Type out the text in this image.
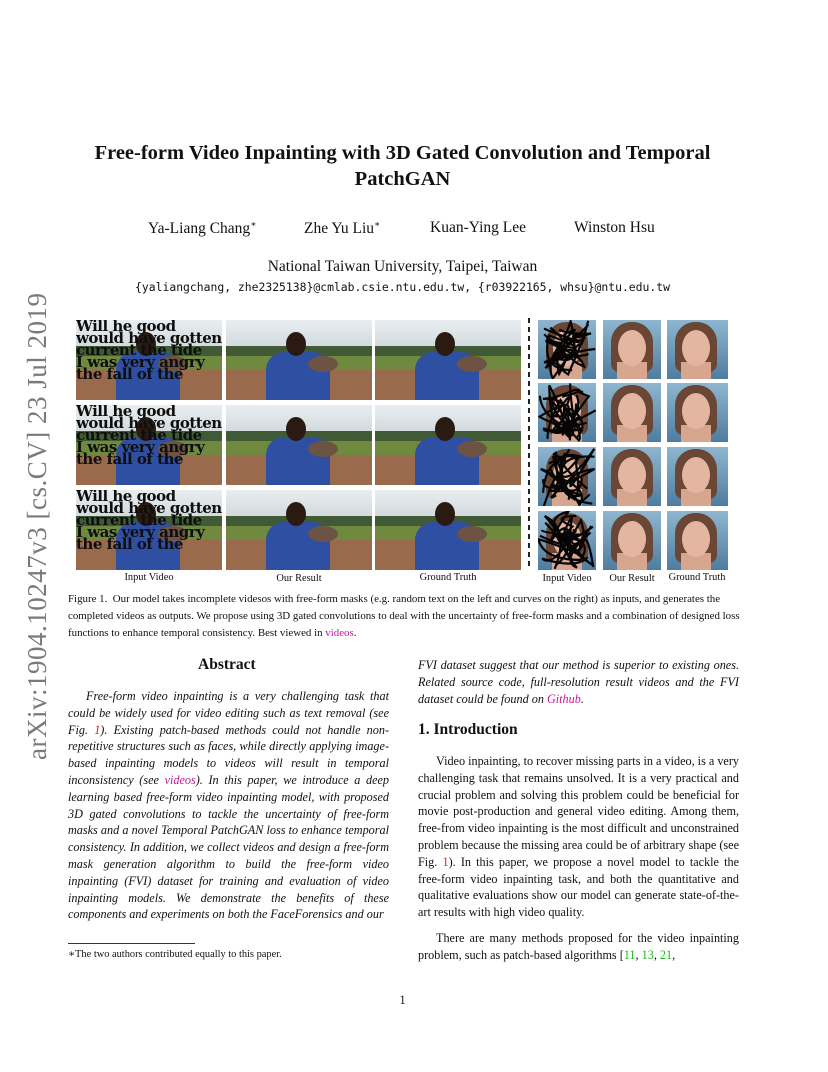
arXiv:1904.10247v3 [cs.CV] 23 Jul 2019
Free-form Video Inpainting with 3D Gated Convolution and Temporal PatchGAN
Ya-Liang Chang∗	Zhe Yu Liu∗	Kuan-Ying Lee	Winston Hsu
National Taiwan University, Taipei, Taiwan
{yaliangchang, zhe2325138}@cmlab.csie.ntu.edu.tw, {r03922165, whsu}@ntu.edu.tw
Will he good
would have gotten
current the tide
I was very angry
the fall of the
Will he good
would have gotten
current the tide
I was very angry
the fall of the
Will he good
would have gotten
current the tide
I was very angry
the fall of the
Input Video	Our Result	Ground Truth	Input Video	Our Result	Ground Truth
Figure 1. Our model takes incomplete videsos with free-form masks (e.g. random text on the left and curves on the right) as inputs, and generates the completed videos as outputs. We propose using 3D gated convolutions to deal with the uncertainty of free-form masks and a combination of designed loss functions to enhance temporal consistency. Best viewed in videos.
Abstract
Free-form video inpainting is a very challenging task that could be widely used for video editing such as text removal (see Fig. 1). Existing patch-based methods could not handle non-repetitive structures such as faces, while directly applying image-based inpainting models to videos will result in temporal inconsistency (see videos). In this paper, we introduce a deep learning based free-form video inpainting model, with proposed 3D gated convolutions to tackle the uncertainty of free-form masks and a novel Temporal PatchGAN loss to enhance temporal consistency. In addition, we collect videos and design a free-form mask generation algorithm to build the free-form video inpainting (FVI) dataset for training and evaluation of video inpainting models. We demonstrate the benefits of these components and experiments on both the FaceForensics and our
∗The two authors contributed equally to this paper.
FVI dataset suggest that our method is superior to existing ones. Related source code, full-resolution result videos and the FVI dataset could be found on Github.
1. Introduction
Video inpainting, to recover missing parts in a video, is a very challenging task that remains unsolved. It is a very practical and crucial problem and solving this problem could be beneficial for movie post-production and general video editing. Among them, free-from video inpainting is the most difficult and unconstrained problem because the missing area could be of arbitrary shape (see Fig. 1). In this paper, we propose a novel model to tackle the free-form video inpainting task, and both the quantitative and qualitative evaluations show our model can generate state-of-the-art results with high video quality.
There are many methods proposed for the video inpainting problem, such as patch-based algorithms [11, 13, 21,
1
